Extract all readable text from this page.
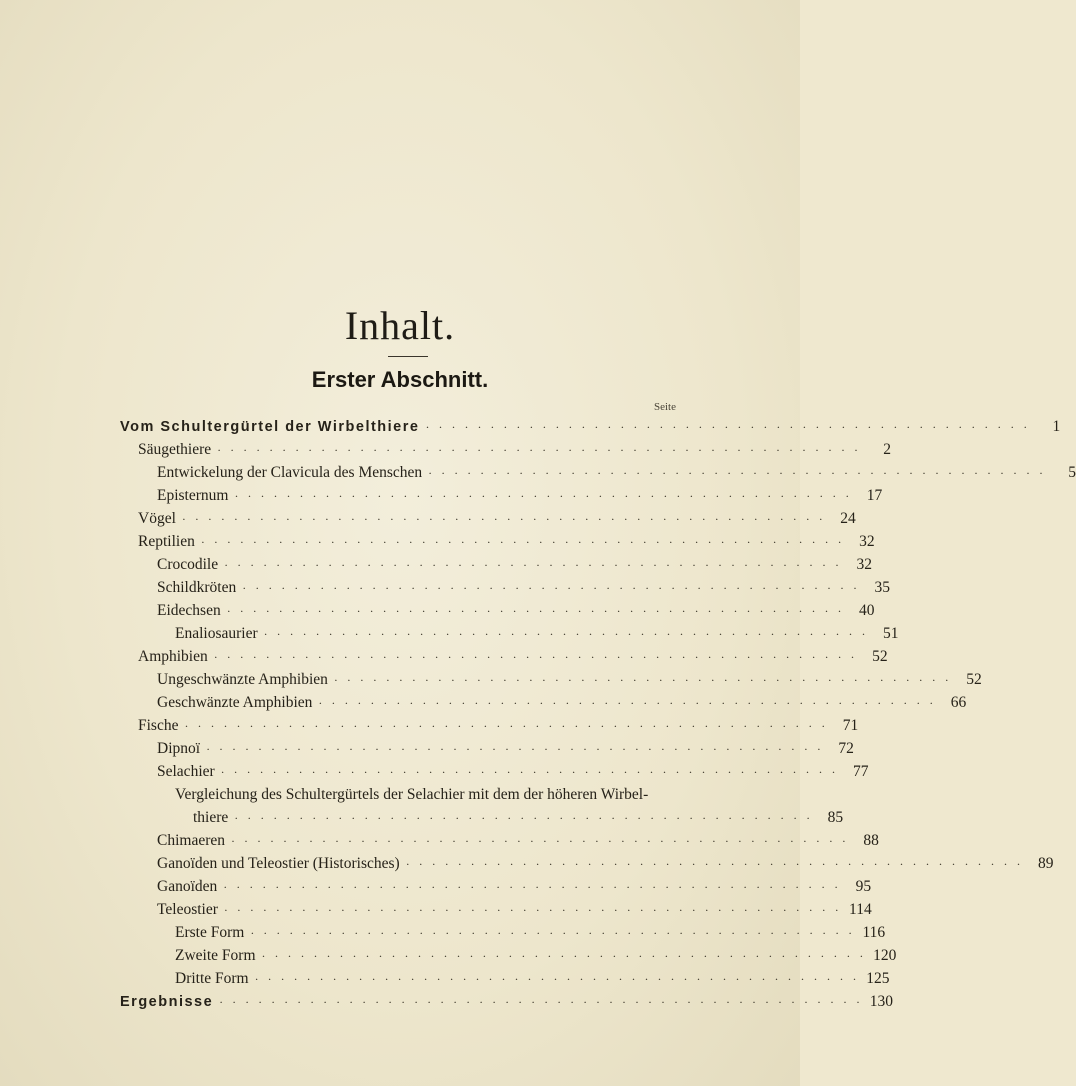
Inhalt.
Erster Abschnitt.
Seite
Vom Schultergürtel der Wirbelthiere · · · · · · · · · · · · · · · · · · · · · · · · · · · · · · · · · · · · · · · · · · · · · · ·	1
Säugethiere · · · · · · · · · · · · · · · · · · · · · · · · · · · · · · · · · · · · · · · · · · · · · · · · · ·	2
Entwickelung der Clavicula des Menschen · · · · · · · · · · · · · · · · · · · · · · · · · · · · · · · · · · · · · · · · · · · · · · · ·	5
Episternum · · · · · · · · · · · · · · · · · · · · · · · · · · · · · · · · · · · · · · · · · · · · · · · · 17
Vögel · · · · · · · · · · · · · · · · · · · · · · · · · · · · · · · · · · · · · · · · · · · · · · · · · · 24
Reptilien · · · · · · · · · · · · · · · · · · · · · · · · · · · · · · · · · · · · · · · · · · · · · · · · · · 32
Crocodile · · · · · · · · · · · · · · · · · · · · · · · · · · · · · · · · · · · · · · · · · · · · · · · · 32
Schildkröten · · · · · · · · · · · · · · · · · · · · · · · · · · · · · · · · · · · · · · · · · · · · · · · · 35
Eidechsen · · · · · · · · · · · · · · · · · · · · · · · · · · · · · · · · · · · · · · · · · · · · · · · · 40
Enaliosaurier · · · · · · · · · · · · · · · · · · · · · · · · · · · · · · · · · · · · · · · · · · · · · · · 51
Amphibien · · · · · · · · · · · · · · · · · · · · · · · · · · · · · · · · · · · · · · · · · · · · · · · · · · 52
Ungeschwänzte Amphibien · · · · · · · · · · · · · · · · · · · · · · · · · · · · · · · · · · · · · · · · · · · · · · · · 52
Geschwänzte Amphibien · · · · · · · · · · · · · · · · · · · · · · · · · · · · · · · · · · · · · · · · · · · · · · · · 66
Fische · · · · · · · · · · · · · · · · · · · · · · · · · · · · · · · · · · · · · · · · · · · · · · · · · · 71
Dipnoï · · · · · · · · · · · · · · · · · · · · · · · · · · · · · · · · · · · · · · · · · · · · · · · · 72
Selachier · · · · · · · · · · · · · · · · · · · · · · · · · · · · · · · · · · · · · · · · · · · · · · · · 77
Vergleichung des Schultergürtels der Selachier mit dem der höheren Wirbel-
thiere · · · · · · · · · · · · · · · · · · · · · · · · · · · · · · · · · · · · · · · · · · · · · 85
Chimaeren · · · · · · · · · · · · · · · · · · · · · · · · · · · · · · · · · · · · · · · · · · · · · · · · 88
Ganoïden und Teleostier (Historisches) · · · · · · · · · · · · · · · · · · · · · · · · · · · · · · · · · · · · · · · · · · · · · · · · 89
Ganoïden · · · · · · · · · · · · · · · · · · · · · · · · · · · · · · · · · · · · · · · · · · · · · · · · 95
Teleostier · · · · · · · · · · · · · · · · · · · · · · · · · · · · · · · · · · · · · · · · · · · · · · · · 114
Erste Form · · · · · · · · · · · · · · · · · · · · · · · · · · · · · · · · · · · · · · · · · · · · · · · 116
Zweite Form · · · · · · · · · · · · · · · · · · · · · · · · · · · · · · · · · · · · · · · · · · · · · · · 120
Dritte Form · · · · · · · · · · · · · · · · · · · · · · · · · · · · · · · · · · · · · · · · · · · · · · · 125
Ergebnisse · · · · · · · · · · · · · · · · · · · · · · · · · · · · · · · · · · · · · · · · · · · · · · · · · · 130
